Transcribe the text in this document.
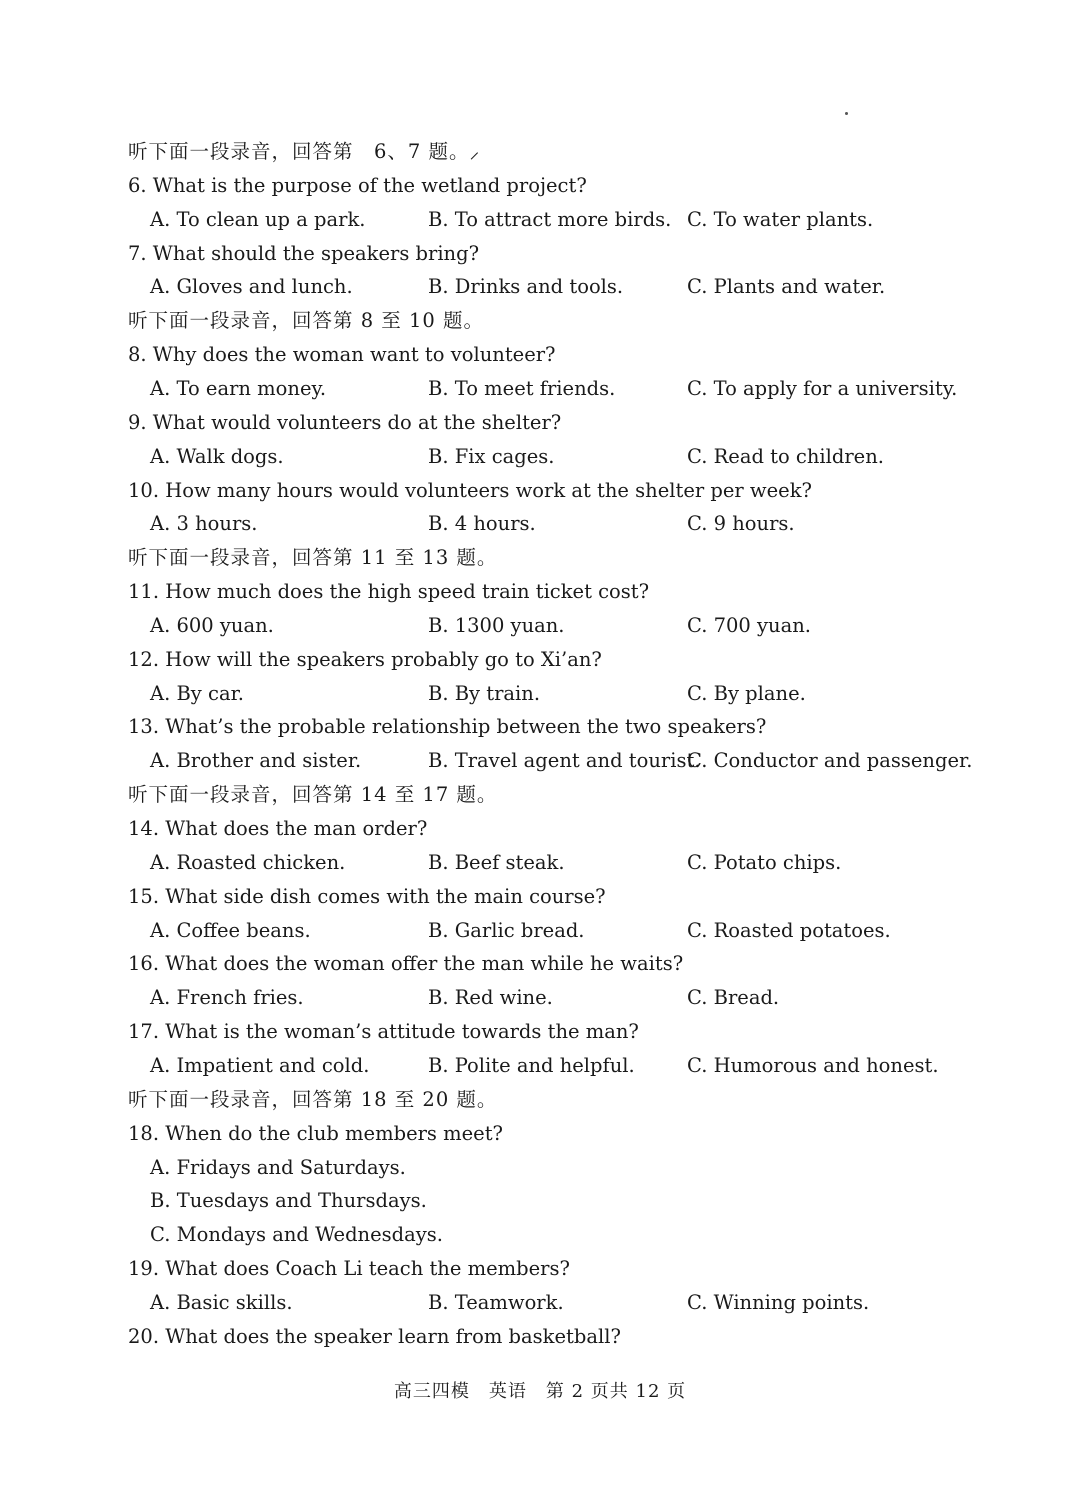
听下面一段录音，回答第　6、7 题。⸝
6. What is the purpose of the wetland project?
A. To clean up a park.	B. To attract more birds. C. To water plants.
7. What should the speakers bring?
A. Gloves and lunch.	B. Drinks and tools.	C. Plants and water.
听下面一段录音，回答第 8 至 10 题。
8. Why does the woman want to volunteer?
A. To earn money.	B. To meet friends.	C. To apply for a university.
9. What would volunteers do at the shelter?
A. Walk dogs.	B. Fix cages.	C. Read to children.
10. How many hours would volunteers work at the shelter per week?
A. 3 hours.	B. 4 hours.	C. 9 hours.
听下面一段录音，回答第 11 至 13 题。
11. How much does the high speed train ticket cost?
A. 600 yuan.	B. 1300 yuan.	C. 700 yuan.
12. How will the speakers probably go to Xi’an?
A. By car.	B. By train.	C. By plane.
13. What’s the probable relationship between the two speakers?
A. Brother and sister.	B. Travel agent and tourist.
C. Conductor and passenger.
听下面一段录音，回答第 14 至 17 题。
14. What does the man order?
A. Roasted chicken.	B. Beef steak.	C. Potato chips.
15. What side dish comes with the main course?
A. Coffee beans.	B. Garlic bread.	C. Roasted potatoes.
16. What does the woman offer the man while he waits?
A. French fries.	B. Red wine.	C. Bread.
17. What is the woman’s attitude towards the man?
A. Impatient and cold.	B. Polite and helpful.	C. Humorous and honest.
听下面一段录音，回答第 18 至 20 题。
18. When do the club members meet?
A. Fridays and Saturdays.
B. Tuesdays and Thursdays.
C. Mondays and Wednesdays.
19. What does Coach Li teach the members?
A. Basic skills.	B. Teamwork.	C. Winning points.
20. What does the speaker learn from basketball?
高三四模　英语　第 2 页共 12 页
